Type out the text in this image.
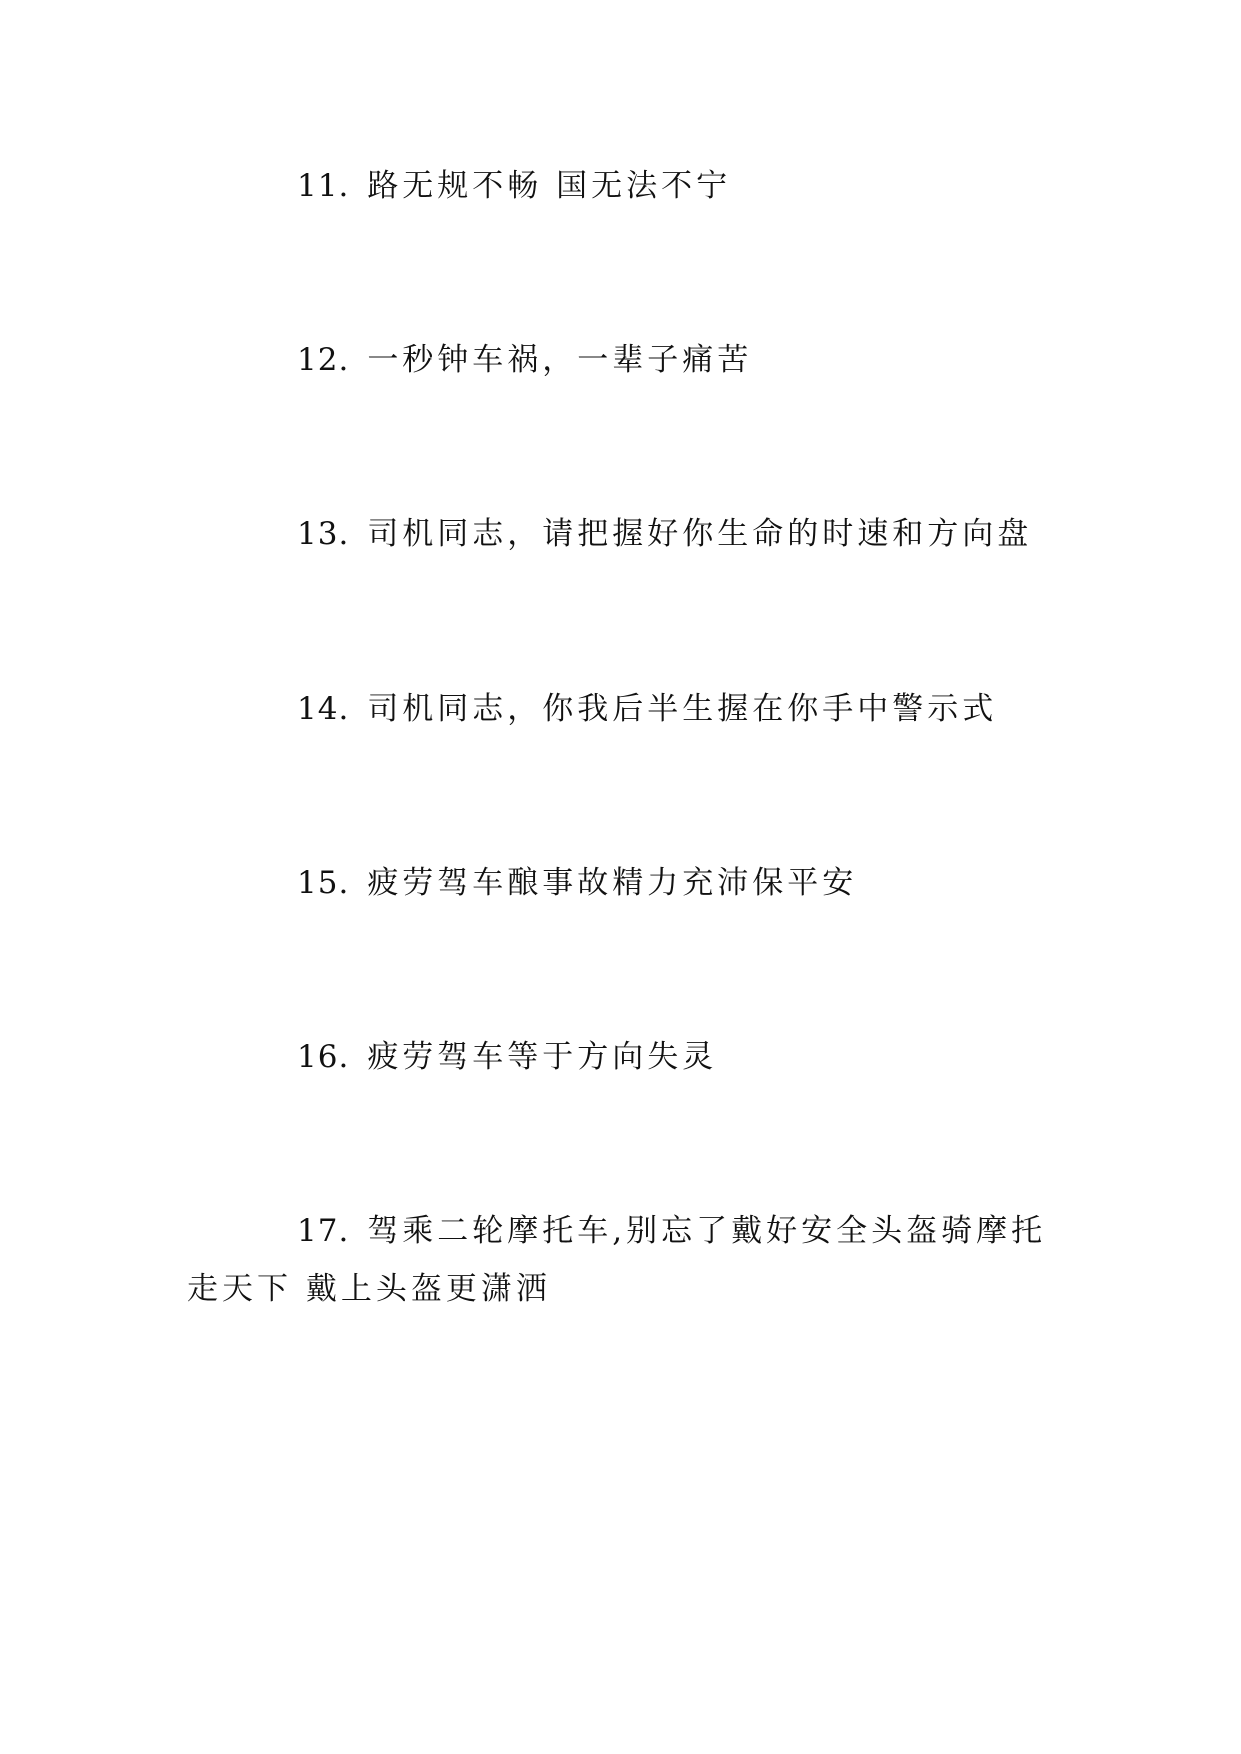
11. 路无规不畅 国无法不宁

12. 一秒钟车祸，一辈子痛苦

13. 司机同志，请把握好你生命的时速和方向盘

14. 司机同志，你我后半生握在你手中警示式

15. 疲劳驾车酿事故精力充沛保平安

16. 疲劳驾车等于方向失灵

17. 驾乘二轮摩托车,别忘了戴好安全头盔骑摩托走天下 戴上头盔更潇洒
